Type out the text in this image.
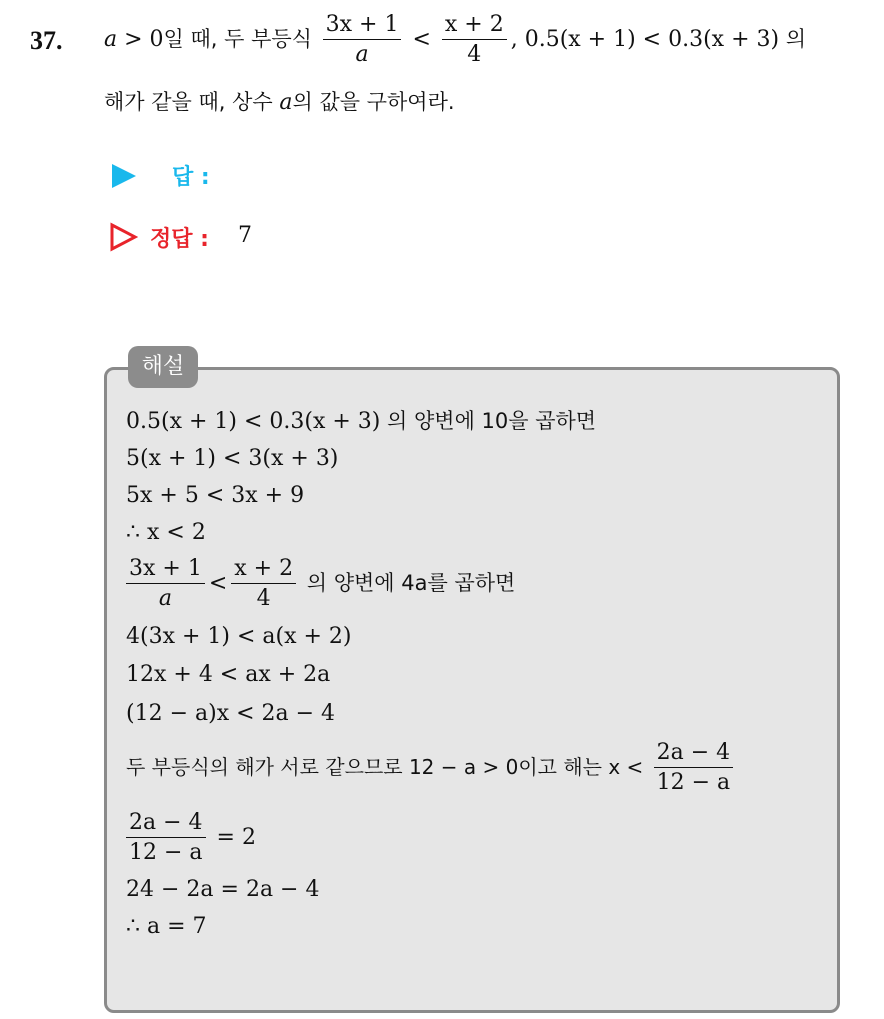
37. a > 0일 때, 두 부등식 $\frac{3x + 1}{a} < \frac{x + 2}{4}$ , 0.5(x + 1) < 0.3(x + 3) 의
해가 같을 때, 상수 a의 값을 구하여라.
답 :
정답 : 7
해설
0.5(x + 1) < 0.3(x + 3) 의 양변에 10을 곱하면
5(x + 1) < 3(x + 3)
5x + 5 < 3x + 9
∴ x < 2
$\frac{3x + 1}{a} < \frac{x + 2}{4}$ 의 양변에 4a를 곱하면
4(3x + 1) < a(x + 2)
12x + 4 < ax + 2a
(12 − a)x < 2a − 4
두 부등식의 해가 서로 같으므로 12 − a > 0이고 해는 $x < \frac{2a - 4}{12 - a}$
$\frac{2a - 4}{12 - a} = 2$
24 − 2a = 2a − 4
∴ a = 7
